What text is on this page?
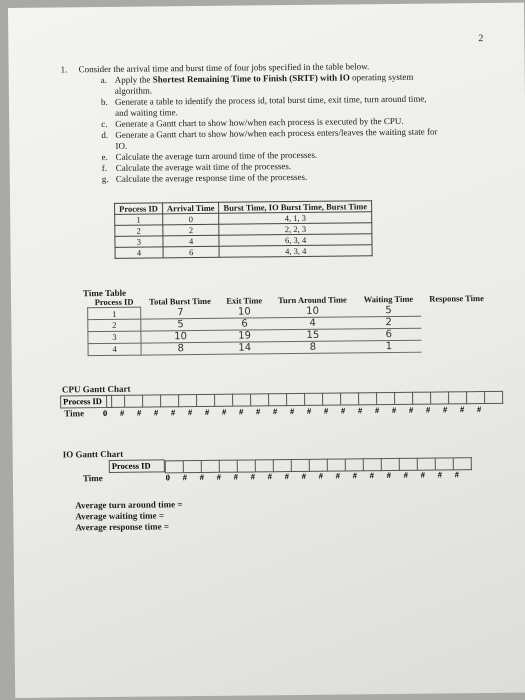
2
1. Consider the arrival time and burst time of four jobs specified in the table below.
a. Apply the Shortest Remaining Time to Finish (SRTF) with IO operating system
algorithm.
b. Generate a table to identify the process id, total burst time, exit time, turn around time,
and waiting time.
c. Generate a Gantt chart to show how/when each process is executed by the CPU.
d. Generate a Gantt chart to show how/when each process enters/leaves the waiting state for
IO.
e. Calculate the average turn around time of the processes.
f. Calculate the average wait time of the processes.
g. Calculate the average response time of the processes.
Process ID	Arrival Time	Burst Time, IO Burst Time, Burst Time
1	0	4, 1, 3
2	2	2, 2, 3
3	4	6, 3, 4
4	6	4, 3, 4
Time Table
Process ID	Total Burst Time	Exit Time	Turn Around Time	Waiting Time	Response Time
1	7	10	10	5	
2	5	6	4	2	
3	10	19	15	6	
4	8	14	8	1	
CPU Gantt Chart
Process ID
Time	0	#	#	#	#	#	#	#	#	#	#	#	#	#	#	#	#	#	#	#	#	#	#
IO Gantt Chart
Process ID
Time	0	#	#	#	#	#	#	#	#	#	#	#	#	#	#	#	#	#
Average turn around time =
Average waiting time =
Average response time =
